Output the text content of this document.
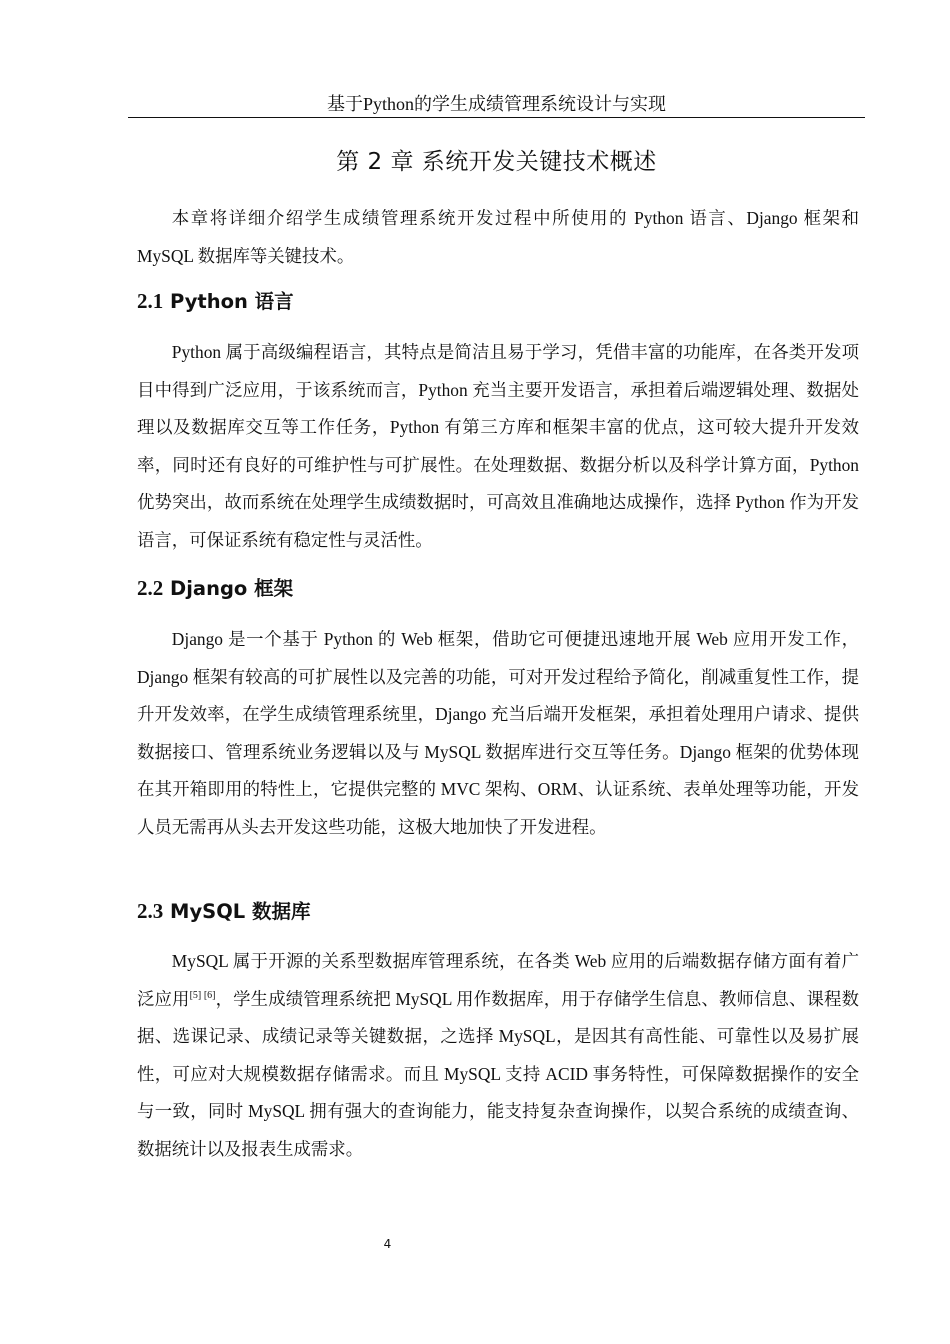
基于Python的学生成绩管理系统设计与实现
第 2 章 系统开发关键技术概述

本章将详细介绍学生成绩管理系统开发过程中所使用的 Python 语言、Django 框架和 MySQL 数据库等关键技术。

2.1 Python 语言

Python 属于高级编程语言，其特点是简洁且易于学习，凭借丰富的功能库，在各类开发项目中得到广泛应用，于该系统而言，Python 充当主要开发语言，承担着后端逻辑处理、数据处理以及数据库交互等工作任务，Python 有第三方库和框架丰富的优点，这可较大提升开发效率，同时还有良好的可维护性与可扩展性。在处理数据、数据分析以及科学计算方面，Python 优势突出，故而系统在处理学生成绩数据时，可高效且准确地达成操作，选择 Python 作为开发语言，可保证系统有稳定性与灵活性。

2.2 Django 框架

Django 是一个基于 Python 的 Web 框架，借助它可便捷迅速地开展 Web 应用开发工作，Django 框架有较高的可扩展性以及完善的功能，可对开发过程给予简化，削减重复性工作，提升开发效率，在学生成绩管理系统里，Django 充当后端开发框架，承担着处理用户请求、提供数据接口、管理系统业务逻辑以及与 MySQL 数据库进行交互等任务。Django 框架的优势体现在其开箱即用的特性上，它提供完整的 MVC 架构、ORM、认证系统、表单处理等功能，开发人员无需再从头去开发这些功能，这极大地加快了开发进程。

2.3 MySQL 数据库

MySQL 属于开源的关系型数据库管理系统，在各类 Web 应用的后端数据存储方面有着广泛应用[5] [6]，学生成绩管理系统把 MySQL 用作数据库，用于存储学生信息、教师信息、课程数据、选课记录、成绩记录等关键数据，之选择 MySQL，是因其有高性能、可靠性以及易扩展性，可应对大规模数据存储需求。而且 MySQL 支持 ACID 事务特性，可保障数据操作的安全与一致，同时 MySQL 拥有强大的查询能力，能支持复杂查询操作，以契合系统的成绩查询、数据统计以及报表生成需求。

4
